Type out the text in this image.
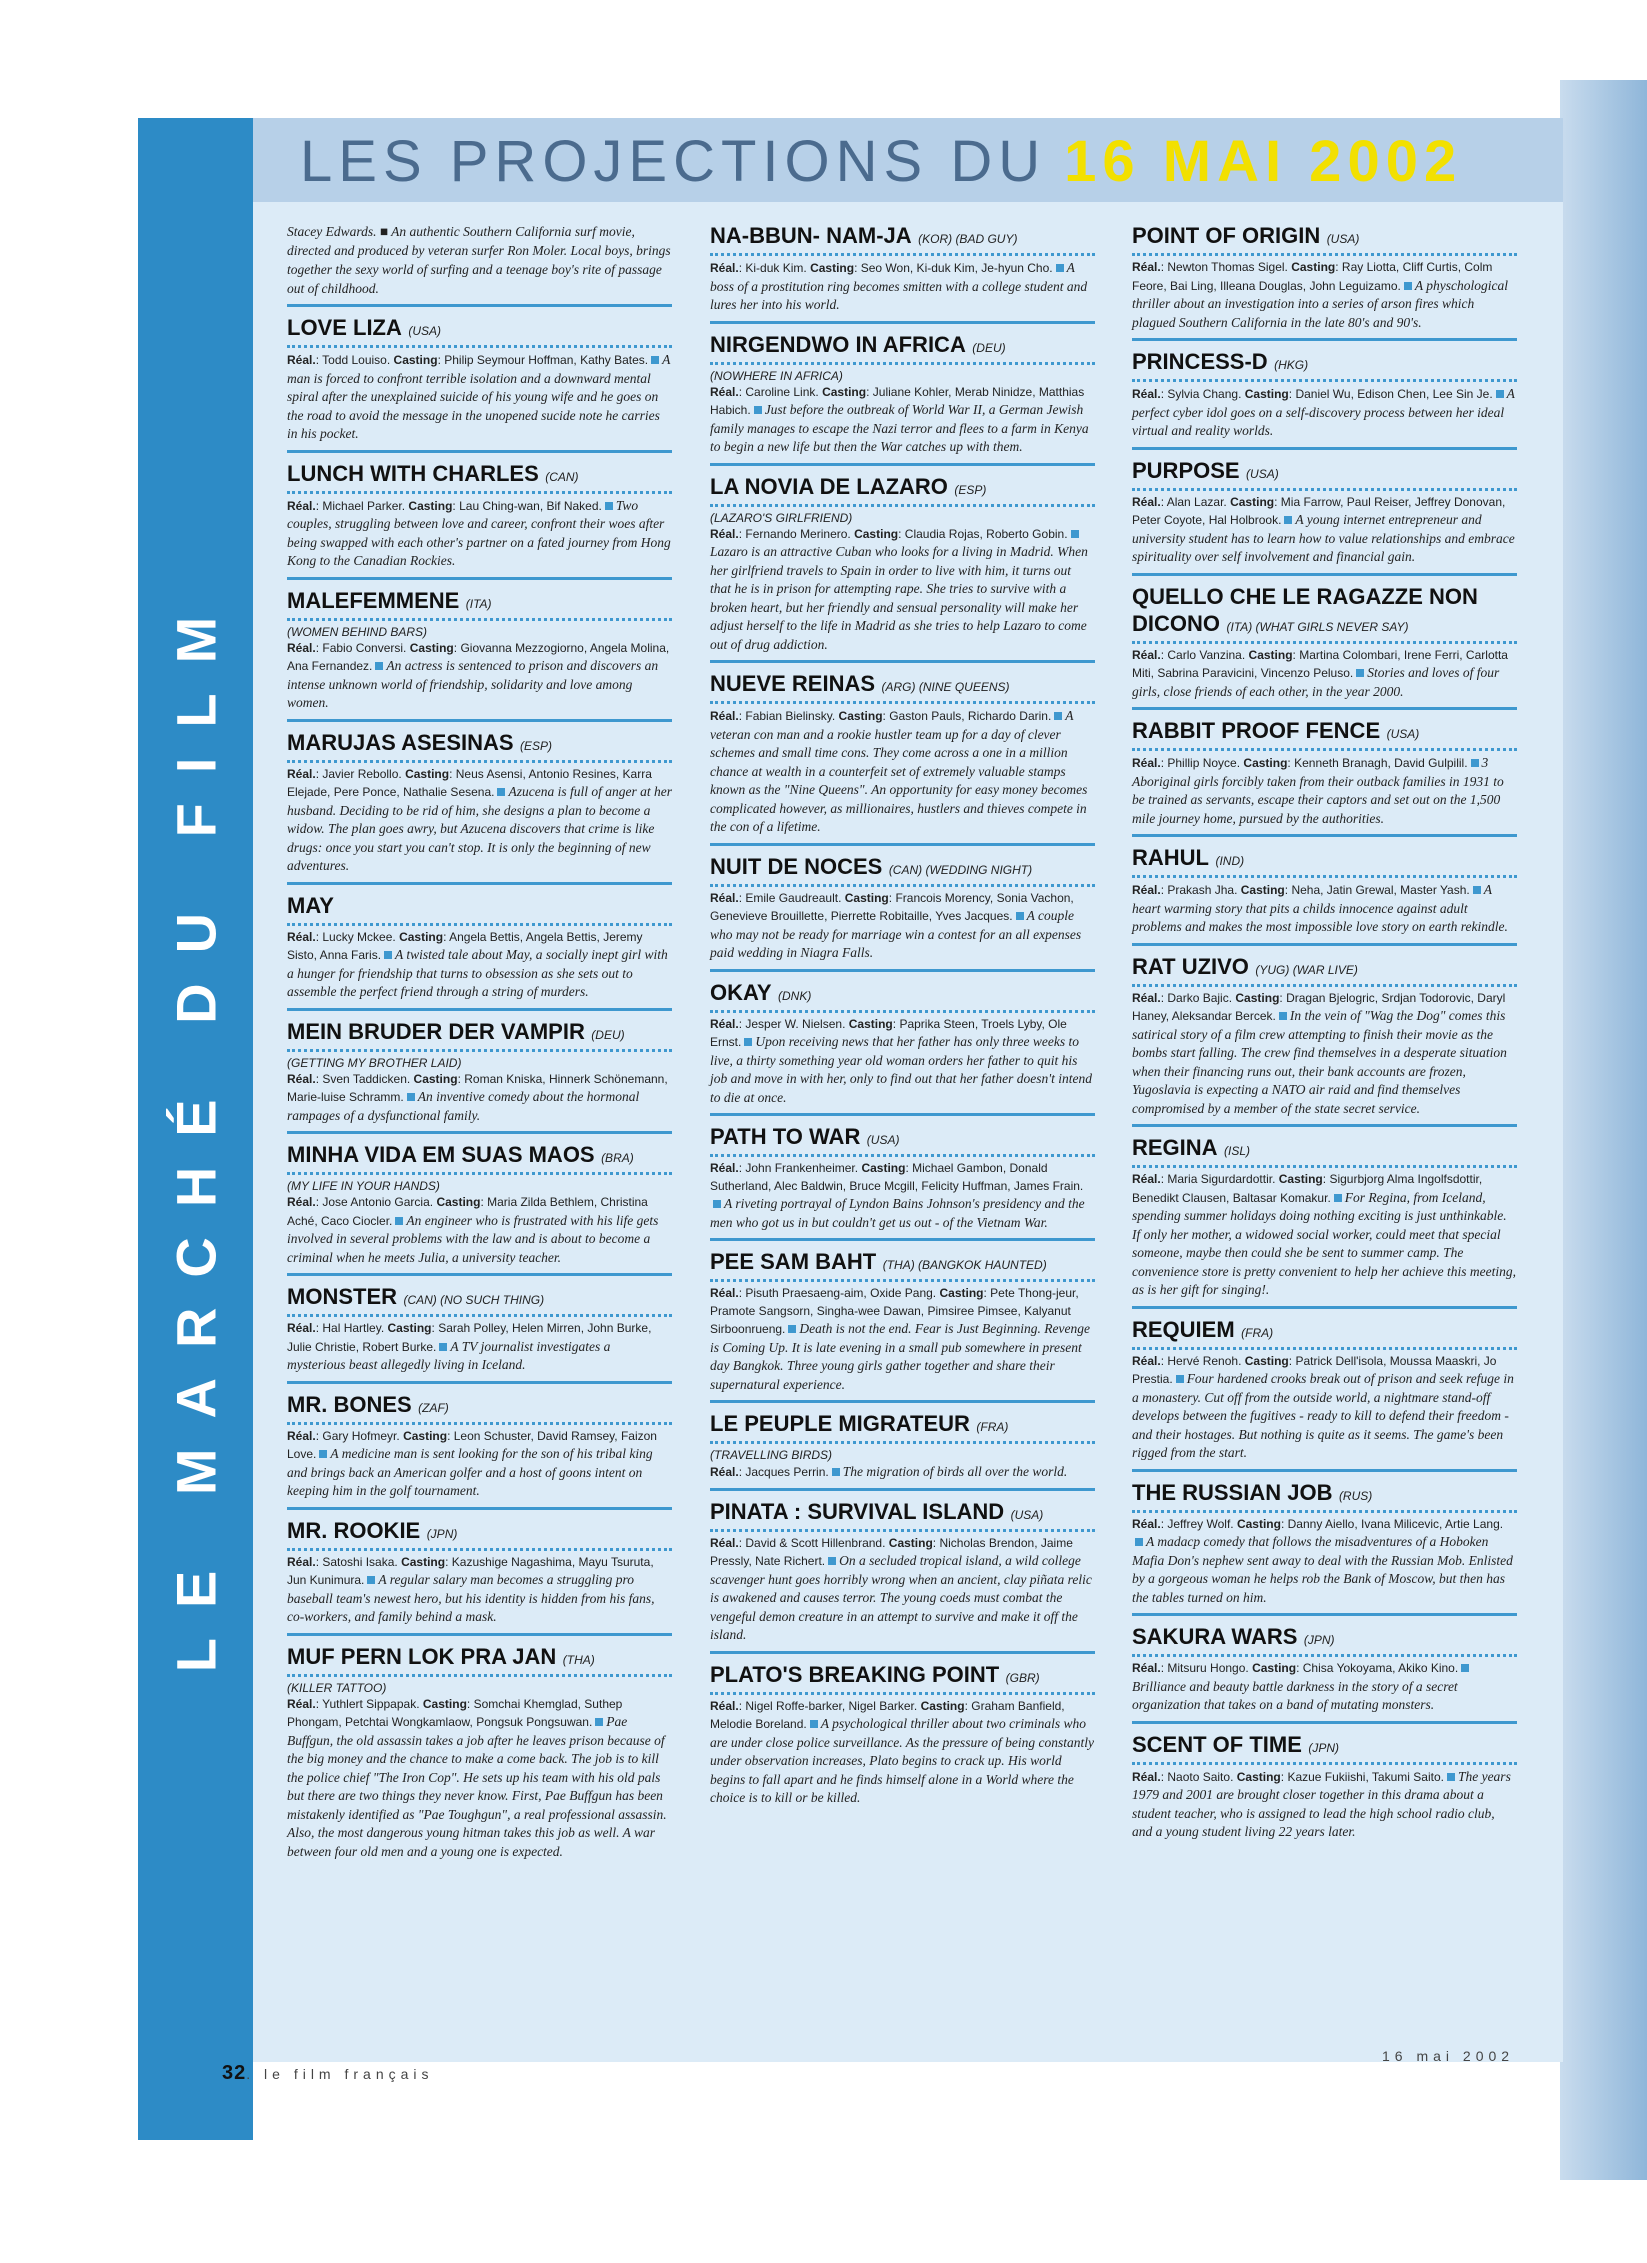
LE MARCHÉ DU FILM
LES PROJECTIONS DU 16 MAI 2002
Stacey Edwards. ■ An authentic Southern California surf movie, directed and produced by veteran surfer Ron Moler. Local boys, brings together the sexy world of surfing and a teenage boy's rite of passage out of childhood.
LOVE LIZA (USA)
Réal.: Todd Louiso. Casting: Philip Seymour Hoffman, Kathy Bates. A man is forced to confront terrible isolation and a downward mental spiral after the unexplained suicide of his young wife and he goes on the road to avoid the message in the unopened sucide note he carries in his pocket.
LUNCH WITH CHARLES (CAN)
Réal.: Michael Parker. Casting: Lau Ching-wan, Bif Naked. Two couples, struggling between love and career, confront their woes after being swapped with each other's partner on a fated journey from Hong Kong to the Canadian Rockies.
MALEFEMMENE (ITA)
(WOMEN BEHIND BARS)
Réal.: Fabio Conversi. Casting: Giovanna Mezzogiorno, Angela Molina, Ana Fernandez. An actress is sentenced to prison and discovers an intense unknown world of friendship, solidarity and love among women.
MARUJAS ASESINAS (ESP)
Réal.: Javier Rebollo. Casting: Neus Asensi, Antonio Resines, Karra Elejade, Pere Ponce, Nathalie Sesena. Azucena is full of anger at her husband. Deciding to be rid of him, she designs a plan to become a widow. The plan goes awry, but Azucena discovers that crime is like drugs: once you start you can't stop. It is only the beginning of new adventures.
MAY
Réal.: Lucky Mckee. Casting: Angela Bettis, Angela Bettis, Jeremy Sisto, Anna Faris. A twisted tale about May, a socially inept girl with a hunger for friendship that turns to obsession as she sets out to assemble the perfect friend through a string of murders.
MEIN BRUDER DER VAMPIR (DEU)
(GETTING MY BROTHER LAID)
Réal.: Sven Taddicken. Casting: Roman Kniska, Hinnerk Schönemann, Marie-luise Schramm. An inventive comedy about the hormonal rampages of a dysfunctional family.
MINHA VIDA EM SUAS MAOS (BRA)
(MY LIFE IN YOUR HANDS)
Réal.: Jose Antonio Garcia. Casting: Maria Zilda Bethlem, Christina Aché, Caco Ciocler. An engineer who is frustrated with his life gets involved in several problems with the law and is about to become a criminal when he meets Julia, a university teacher.
MONSTER (CAN) (NO SUCH THING)
Réal.: Hal Hartley. Casting: Sarah Polley, Helen Mirren, John Burke, Julie Christie, Robert Burke. A TV journalist investigates a mysterious beast allegedly living in Iceland.
MR. BONES (ZAF)
Réal.: Gary Hofmeyr. Casting: Leon Schuster, David Ramsey, Faizon Love. A medicine man is sent looking for the son of his tribal king and brings back an American golfer and a host of goons intent on keeping him in the golf tournament.
MR. ROOKIE (JPN)
Réal.: Satoshi Isaka. Casting: Kazushige Nagashima, Mayu Tsuruta, Jun Kunimura. A regular salary man becomes a struggling pro baseball team's newest hero, but his identity is hidden from his fans, co-workers, and family behind a mask.
MUF PERN LOK PRA JAN (THA)
(KILLER TATTOO)
Réal.: Yuthlert Sippapak. Casting: Somchai Khemglad, Suthep Phongam, Petchtai Wongkamlaow, Pongsuk Pongsuwan. Pae Buffgun, the old assassin takes a job after he leaves prison because of the big money and the chance to make a come back. The job is to kill the police chief "The Iron Cop". He sets up his team with his old pals but there are two things they never know. First, Pae Buffgun has been mistakenly identified as "Pae Toughgun", a real professional assassin. Also, the most dangerous young hitman takes this job as well. A war between four old men and a young one is expected.
NA-BBUN- NAM-JA (KOR) (BAD GUY)
Réal.: Ki-duk Kim. Casting: Seo Won, Ki-duk Kim, Je-hyun Cho. A boss of a prostitution ring becomes smitten with a college student and lures her into his world.
NIRGENDWO IN AFRICA (DEU)
(NOWHERE IN AFRICA)
Réal.: Caroline Link. Casting: Juliane Kohler, Merab Ninidze, Matthias Habich. Just before the outbreak of World War II, a German Jewish family manages to escape the Nazi terror and flees to a farm in Kenya to begin a new life but then the War catches up with them.
LA NOVIA DE LAZARO (ESP)
(LAZARO'S GIRLFRIEND)
Réal.: Fernando Merinero. Casting: Claudia Rojas, Roberto Gobin.Lazaro is an attractive Cuban who looks for a living in Madrid. When her girlfriend travels to Spain in order to live with him, it turns out that he is in prison for attempting rape. She tries to survive with a broken heart, but her friendly and sensual personality will make her adjust herself to the life in Madrid as she tries to help Lazaro to come out of drug addiction.
NUEVE REINAS (ARG) (NINE QUEENS)
Réal.: Fabian Bielinsky. Casting: Gaston Pauls, Richardo Darin. A veteran con man and a rookie hustler team up for a day of clever schemes and small time cons. They come across a one in a million chance at wealth in a counterfeit set of extremely valuable stamps known as the "Nine Queens". An opportunity for easy money becomes complicated however, as millionaires, hustlers and thieves compete in the con of a lifetime.
NUIT DE NOCES (CAN) (WEDDING NIGHT)
Réal.: Emile Gaudreault. Casting: Francois Morency, Sonia Vachon, Genevieve Brouillette, Pierrette Robitaille, Yves Jacques. A couple who may not be ready for marriage win a contest for an all expenses paid wedding in Niagra Falls.
OKAY (DNK)
Réal.: Jesper W. Nielsen. Casting: Paprika Steen, Troels Lyby, Ole Ernst. Upon receiving news that her father has only three weeks to live, a thirty something year old woman orders her father to quit his job and move in with her, only to find out that her father doesn't intend to die at once.
PATH TO WAR (USA)
Réal.: John Frankenheimer. Casting: Michael Gambon, Donald Sutherland, Alec Baldwin, Bruce Mcgill, Felicity Huffman, James Frain.A riveting portrayal of Lyndon Bains Johnson's presidency and the men who got us in but couldn't get us out - of the Vietnam War.
PEE SAM BAHT (THA) (BANGKOK HAUNTED)
Réal.: Pisuth Praesaeng-aim, Oxide Pang. Casting: Pete Thong-jeur, Pramote Sangsorn, Singha-wee Dawan, Pimsiree Pimsee, Kalyanut Sirboonrueng. Death is not the end. Fear is Just Beginning. Revenge is Coming Up. It is late evening in a small pub somewhere in present day Bangkok. Three young girls gather together and share their supernatural experience.
LE PEUPLE MIGRATEUR (FRA)
(TRAVELLING BIRDS)
Réal.: Jacques Perrin. The migration of birds all over the world.
PINATA : SURVIVAL ISLAND (USA)
Réal.: David & Scott Hillenbrand. Casting: Nicholas Brendon, Jaime Pressly, Nate Richert. On a secluded tropical island, a wild college scavenger hunt goes horribly wrong when an ancient, clay piñata relic is awakened and causes terror. The young coeds must combat the vengeful demon creature in an attempt to survive and make it off the island.
PLATO'S BREAKING POINT (GBR)
Réal.: Nigel Roffe-barker, Nigel Barker. Casting: Graham Banfield, Melodie Boreland. A psychological thriller about two criminals who are under close police surveillance. As the pressure of being constantly under observation increases, Plato begins to crack up. His world begins to fall apart and he finds himself alone in a World where the choice is to kill or be killed.
POINT OF ORIGIN (USA)
Réal.: Newton Thomas Sigel. Casting: Ray Liotta, Cliff Curtis, Colm Feore, Bai Ling, Illeana Douglas, John Leguizamo. A physchological thriller about an investigation into a series of arson fires which plagued Southern California in the late 80's and 90's.
PRINCESS-D (HKG)
Réal.: Sylvia Chang. Casting: Daniel Wu, Edison Chen, Lee Sin Je. A perfect cyber idol goes on a self-discovery process between her ideal virtual and reality worlds.
PURPOSE (USA)
Réal.: Alan Lazar. Casting: Mia Farrow, Paul Reiser, Jeffrey Donovan, Peter Coyote, Hal Holbrook. A young internet entrepreneur and university student has to learn how to value relationships and embrace spirituality over self involvement and financial gain.
QUELLO CHE LE RAGAZZE NON DICONO (ITA) (WHAT GIRLS NEVER SAY)
Réal.: Carlo Vanzina. Casting: Martina Colombari, Irene Ferri, Carlotta Miti, Sabrina Paravicini, Vincenzo Peluso. Stories and loves of four girls, close friends of each other, in the year 2000.
RABBIT PROOF FENCE (USA)
Réal.: Phillip Noyce. Casting: Kenneth Branagh, David Gulpilil. 3 Aboriginal girls forcibly taken from their outback families in 1931 to be trained as servants, escape their captors and set out on the 1,500 mile journey home, pursued by the authorities.
RAHUL (IND)
Réal.: Prakash Jha. Casting: Neha, Jatin Grewal, Master Yash. A heart warming story that pits a childs innocence against adult problems and makes the most impossible love story on earth rekindle.
RAT UZIVO (YUG) (WAR LIVE)
Réal.: Darko Bajic. Casting: Dragan Bjelogric, Srdjan Todorovic, Daryl Haney, Aleksandar Bercek. In the vein of "Wag the Dog" comes this satirical story of a film crew attempting to finish their movie as the bombs start falling. The crew find themselves in a desperate situation when their financing runs out, their bank accounts are frozen, Yugoslavia is expecting a NATO air raid and find themselves compromised by a member of the state secret service.
REGINA (ISL)
Réal.: Maria Sigurdardottir. Casting: Sigurbjorg Alma Ingolfsdottir, Benedikt Clausen, Baltasar Komakur. For Regina, from Iceland, spending summer holidays doing nothing exciting is just unthinkable. If only her mother, a widowed social worker, could meet that special someone, maybe then could she be sent to summer camp. The convenience store is pretty convenient to help her achieve this meeting, as is her gift for singing!.
REQUIEM (FRA)
Réal.: Hervé Renoh. Casting: Patrick Dell'isola, Moussa Maaskri, Jo Prestia. Four hardened crooks break out of prison and seek refuge in a monastery. Cut off from the outside world, a nightmare stand-off develops between the fugitives - ready to kill to defend their freedom - and their hostages. But nothing is quite as it seems. The game's been rigged from the start.
THE RUSSIAN JOB (RUS)
Réal.: Jeffrey Wolf. Casting: Danny Aiello, Ivana Milicevic, Artie Lang.A madacp comedy that follows the misadventures of a Hoboken Mafia Don's nephew sent away to deal with the Russian Mob. Enlisted by a gorgeous woman he helps rob the Bank of Moscow, but then has the tables turned on him.
SAKURA WARS (JPN)
Réal.: Mitsuru Hongo. Casting: Chisa Yokoyama, Akiko Kino.Brilliance and beauty battle darkness in the story of a secret organization that takes on a band of mutating monsters.
SCENT OF TIME (JPN)
Réal.: Naoto Saito. Casting: Kazue Fukiishi, Takumi Saito. The years 1979 and 2001 are brought closer together in this drama about a student teacher, who is assigned to lead the high school radio club, and a young student living 22 years later.
32. le film français
16 mai 2002
